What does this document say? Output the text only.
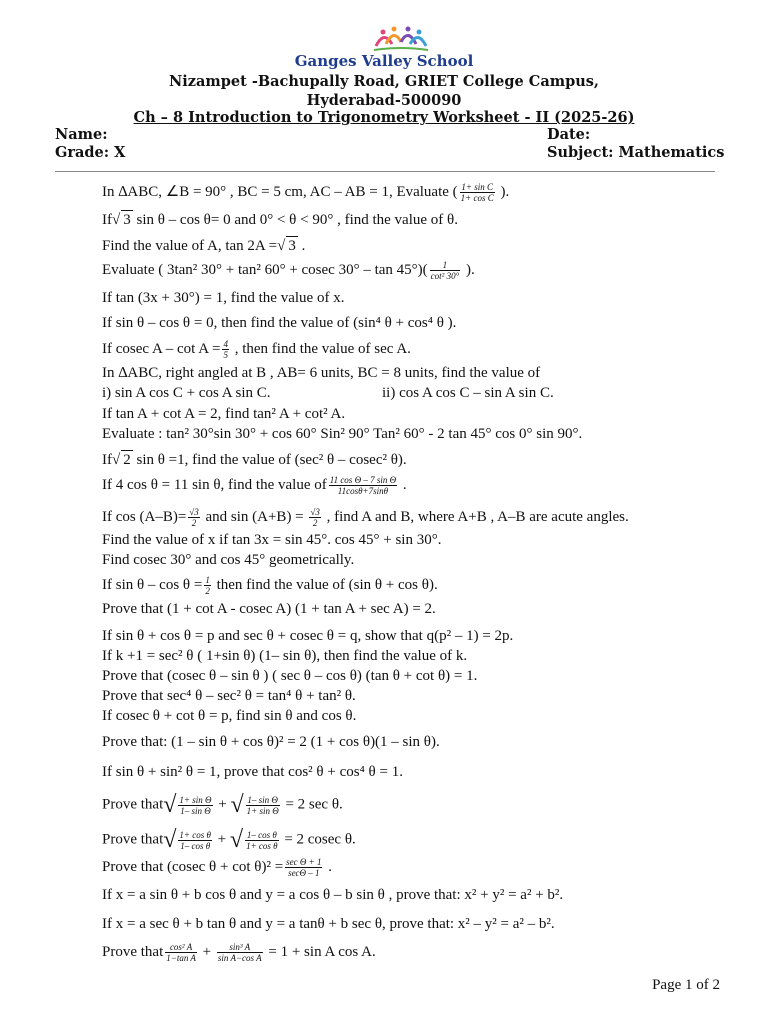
Ganges Valley School
Nizampet -Bachupally Road, GRIET College Campus,
Hyderabad-500090
Ch – 8 Introduction to Trigonometry Worksheet - II (2025-26)
Name:	Date:
Grade: X	Subject: Mathematics
In ∆ABC, ∠B = 90° , BC = 5 cm, AC – AB = 1, Evaluate ( $\frac{\text{1+ sin C}}{\text{1+ cos C}}$ ).
If√ 3 sin θ – cos θ= 0 and 0° < θ < 90° , find the value of θ.
Find the value of A, tan 2A =√ 3 .
Evaluate ( 3tan² 30° + tan² 60° + cosec $30^\circ - \tan 45^\circ)( \frac{1}{\text{cot² 30°}}$ ).
If tan (3x + 30°) = 1, find the value of x.
If sin θ – cos θ = 0, then find the value of (sin⁴ θ + cos⁴ θ ).
If cosec $A - \cot A = \frac{4}{5}$ , then find the value of sec A.
In ∆ABC, right angled at B , AB= 6 units, BC = 8 units, find the value of
i) sin A cos C + cos A sin C.	ii) cos A cos C – sin A sin C.
If tan A + cot A = 2, find tan² A + cot² A.
Evaluate : tan² 30°sin 30° + cos 60° Sin² 90° Tan² 60° - 2 tan 45° cos 0° sin 90°.
If√ 2 sin θ =1, find the value of (sec² θ – cosec² θ).
If 4 cos θ = 11 sin θ, find the value of $\frac{\text{11 cos Θ – 7 sin Θ}}{11\cos\theta+7\sin\theta}$ .
If $\cos (A-B)= \frac{√3}{2}$ and $\sin (A+B) = \frac{√3}{2}$ , find A and B, where A+B , A–B are acute angles.
Find the value of x if tan 3x = sin 45°. cos 45° + sin 30°.
Find cosec 30° and cos 45° geometrically.
If $\sin \theta - \cos \theta = \frac{1}{2}$ then find the value of (sin θ + cos θ).
Prove that (1 + cot A - cosec A) (1 + tan A + sec A) = 2.
If sin θ + cos θ = p and sec θ + cosec θ = q, show that q(p² – 1) = 2p.
If k +1 = sec² θ ( 1+sin θ) (1– sin θ), then find the value of k.
Prove that (cosec θ – sin θ ) ( sec θ – cos θ) (tan θ + cot θ) = 1.
Prove that sec⁴ θ – sec² θ = tan⁴ θ + tan² θ.
If cosec θ + cot θ = p, find sin θ and cos θ.
Prove that: (1 – sin θ + cos θ)² = 2 (1 + cos θ)(1 – sin θ).
If sin θ + sin² θ = 1, prove that cos² θ + cos⁴ θ = 1.
Prove that√ $\frac{\text{1+ sin Θ}}{\text{1– sin Θ}}$ + √ $\frac{\text{1– sin Θ}}{\text{1+ sin Θ}} = 2$ sec θ.
Prove that√ $\frac{\text{1+ cos θ}}{\text{1– cos θ}}$ + √ $\frac{\text{1– cos θ}}{\text{1+ cos θ}} = 2$ cosec θ.
Prove that (cosec $\theta + \cot \theta)^2 = \frac{\text{sec Θ + 1}}{\sec\Theta - 1}$ .
If x = a sin θ + b cos θ and y = a cos θ – b sin θ , prove that: x² + y² = a² + b².
If x = a sec θ + b tan θ and y = a tanθ + b sec θ, prove that: x² – y² = a² – b².
Prove that $\frac{\text{cos² A}}{\text{1−tan A}} + \frac{\text{sin³ A}}{\text{sin A−cos A}} = 1 + \sin A$ cos A.
Page 1 of 2
